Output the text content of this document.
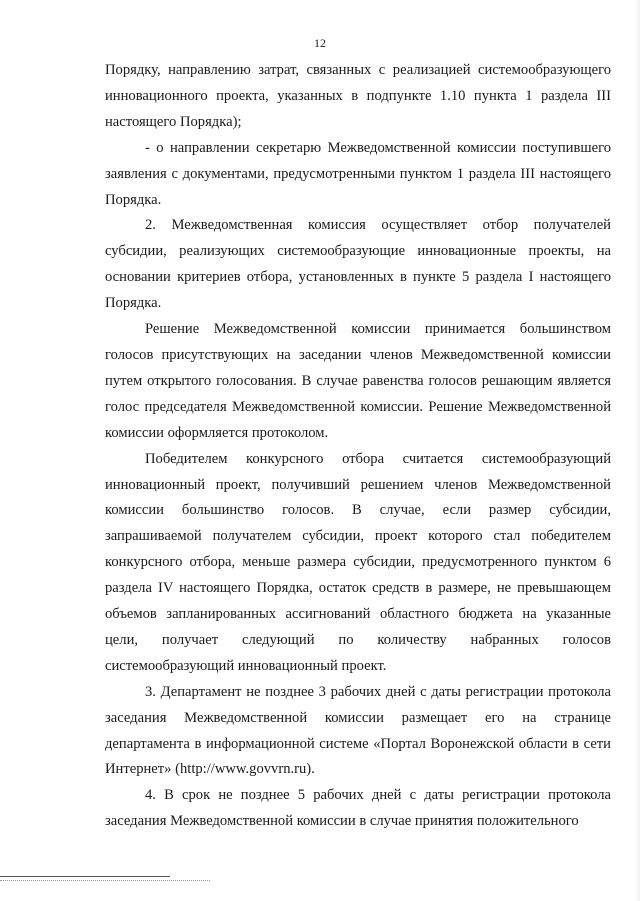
12

Порядку, направлению затрат, связанных с реализацией системообразующего инновационного проекта, указанных в подпункте 1.10 пункта 1 раздела III настоящего Порядка);

- о направлении секретарю Межведомственной комиссии поступившего заявления с документами, предусмотренными пунктом 1 раздела III настоящего Порядка.

2. Межведомственная комиссия осуществляет отбор получателей субсидии, реализующих системообразующие инновационные проекты, на основании критериев отбора, установленных в пункте 5 раздела I настоящего Порядка.

Решение Межведомственной комиссии принимается большинством голосов присутствующих на заседании членов Межведомственной комиссии путем открытого голосования. В случае равенства голосов решающим является голос председателя Межведомственной комиссии. Решение Межведомственной комиссии оформляется протоколом.

Победителем конкурсного отбора считается системообразующий инновационный проект, получивший решением членов Межведомственной комиссии большинство голосов. В случае, если размер субсидии, запрашиваемой получателем субсидии, проект которого стал победителем конкурсного отбора, меньше размера субсидии, предусмотренного пунктом 6 раздела IV настоящего Порядка, остаток средств в размере, не превышающем объемов запланированных ассигнований областного бюджета на указанные цели, получает следующий по количеству набранных голосов системообразующий инновационный проект.

3. Департамент не позднее 3 рабочих дней с даты регистрации протокола заседания Межведомственной комиссии размещает его на странице департамента в информационной системе «Портал Воронежской области в сети Интернет» (http://www.govvrn.ru).

4. В срок не позднее 5 рабочих дней с даты регистрации протокола заседания Межведомственной комиссии в случае принятия положительного
